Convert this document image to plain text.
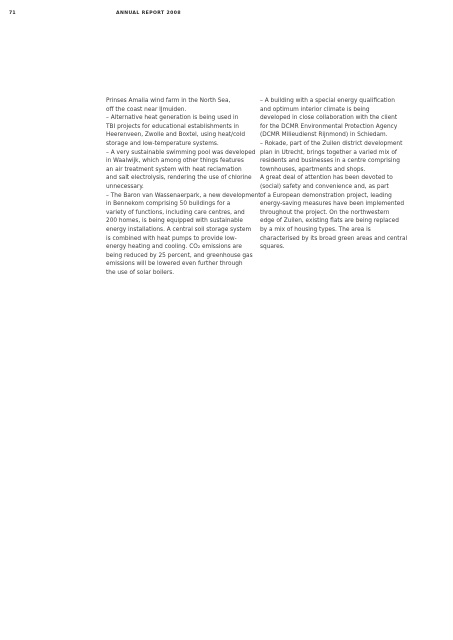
71	ANNUAL REPORT 2008
Prinses Amalia wind farm in the North Sea,
off the coast near IJmuiden.
– Alternative heat generation is being used in
TBI projects for educational establishments in
Heerenveen, Zwolle and Boxtel, using heat/cold
storage and low-temperature systems.
– A very sustainable swimming pool was developed
in Waalwijk, which among other things features
an air treatment system with heat reclamation
and salt electrolysis, rendering the use of chlorine
unnecessary.
– The Baron van Wassenaerpark, a new development
in Bennekom comprising 50 buildings for a
variety of functions, including care centres, and
200 homes, is being equipped with sustainable
energy installations. A central soil storage system
is combined with heat pumps to provide low-
energy heating and cooling. CO₂ emissions are
being reduced by 25 percent, and greenhouse gas
emissions will be lowered even further through
the use of solar boilers.
– A building with a special energy qualification
and optimum interior climate is being
developed in close collaboration with the client
for the DCMR Environmental Protection Agency
(DCMR Milieudienst Rijnmond) in Schiedam.
– Rokade, part of the Zuilen district development
plan in Utrecht, brings together a varied mix of
residents and businesses in a centre comprising
townhouses, apartments and shops.
A great deal of attention has been devoted to
(social) safety and convenience and, as part
of a European demonstration project, leading
energy-saving measures have been implemented
throughout the project. On the northwestern
edge of Zuilen, existing flats are being replaced
by a mix of housing types. The area is
characterised by its broad green areas and central
squares.
